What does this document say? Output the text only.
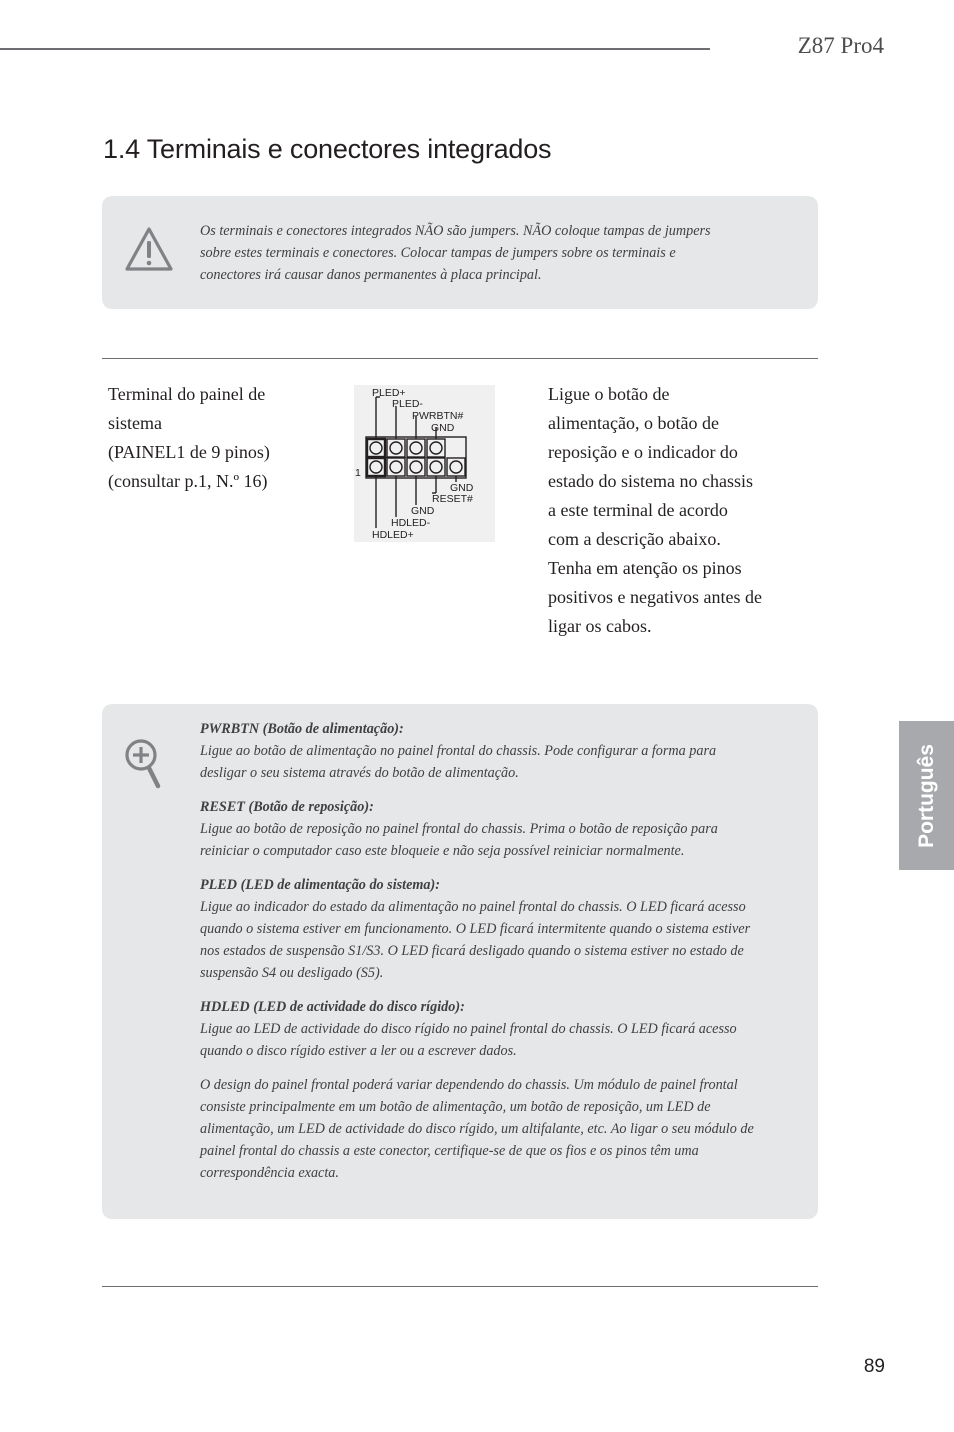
Z87 Pro4
1.4 Terminais e conectores integrados
Os terminais e conectores integrados NÃO são jumpers. NÃO coloque tampas de jumpers sobre estes terminais e conectores. Colocar tampas de jumpers sobre os terminais e conectores irá causar danos permanentes à placa principal.
Terminal do painel de
sistema
(PAINEL1 de 9 pinos)
(consultar p.1, N.º 16)
PLED+
PLED-
PWRBTN#
GND
1
GND
RESET#
GND
HDLED-
HDLED+
Ligue o botão de alimentação, o botão de reposição e o indicador do estado do sistema no chassis a este terminal de acordo com a descrição abaixo. Tenha em atenção os pinos positivos e negativos antes de ligar os cabos.
PWRBTN (Botão de alimentação):
Ligue ao botão de alimentação no painel frontal do chassis. Pode configurar a forma para desligar o seu sistema através do botão de alimentação.
RESET (Botão de reposição):
Ligue ao botão de reposição no painel frontal do chassis. Prima o botão de reposição para reiniciar o computador caso este bloqueie e não seja possível reiniciar normalmente.
PLED (LED de alimentação do sistema):
Ligue ao indicador do estado da alimentação no painel frontal do chassis. O LED ficará acesso quando o sistema estiver em funcionamento. O LED ficará intermitente quando o sistema estiver nos estados de suspensão S1/S3. O LED ficará desligado quando o sistema estiver no estado de suspensão S4 ou desligado (S5).
HDLED (LED de actividade do disco rígido):
Ligue ao LED de actividade do disco rígido no painel frontal do chassis. O LED ficará acesso quando o disco rígido estiver a ler ou a escrever dados.
O design do painel frontal poderá variar dependendo do chassis. Um módulo de painel frontal consiste principalmente em um botão de alimentação, um botão de reposição, um LED de alimentação, um LED de actividade do disco rígido, um altifalante, etc. Ao ligar o seu módulo de painel frontal do chassis a este conector, certifique-se de que os fios e os pinos têm uma correspondência exacta.
Português
89
